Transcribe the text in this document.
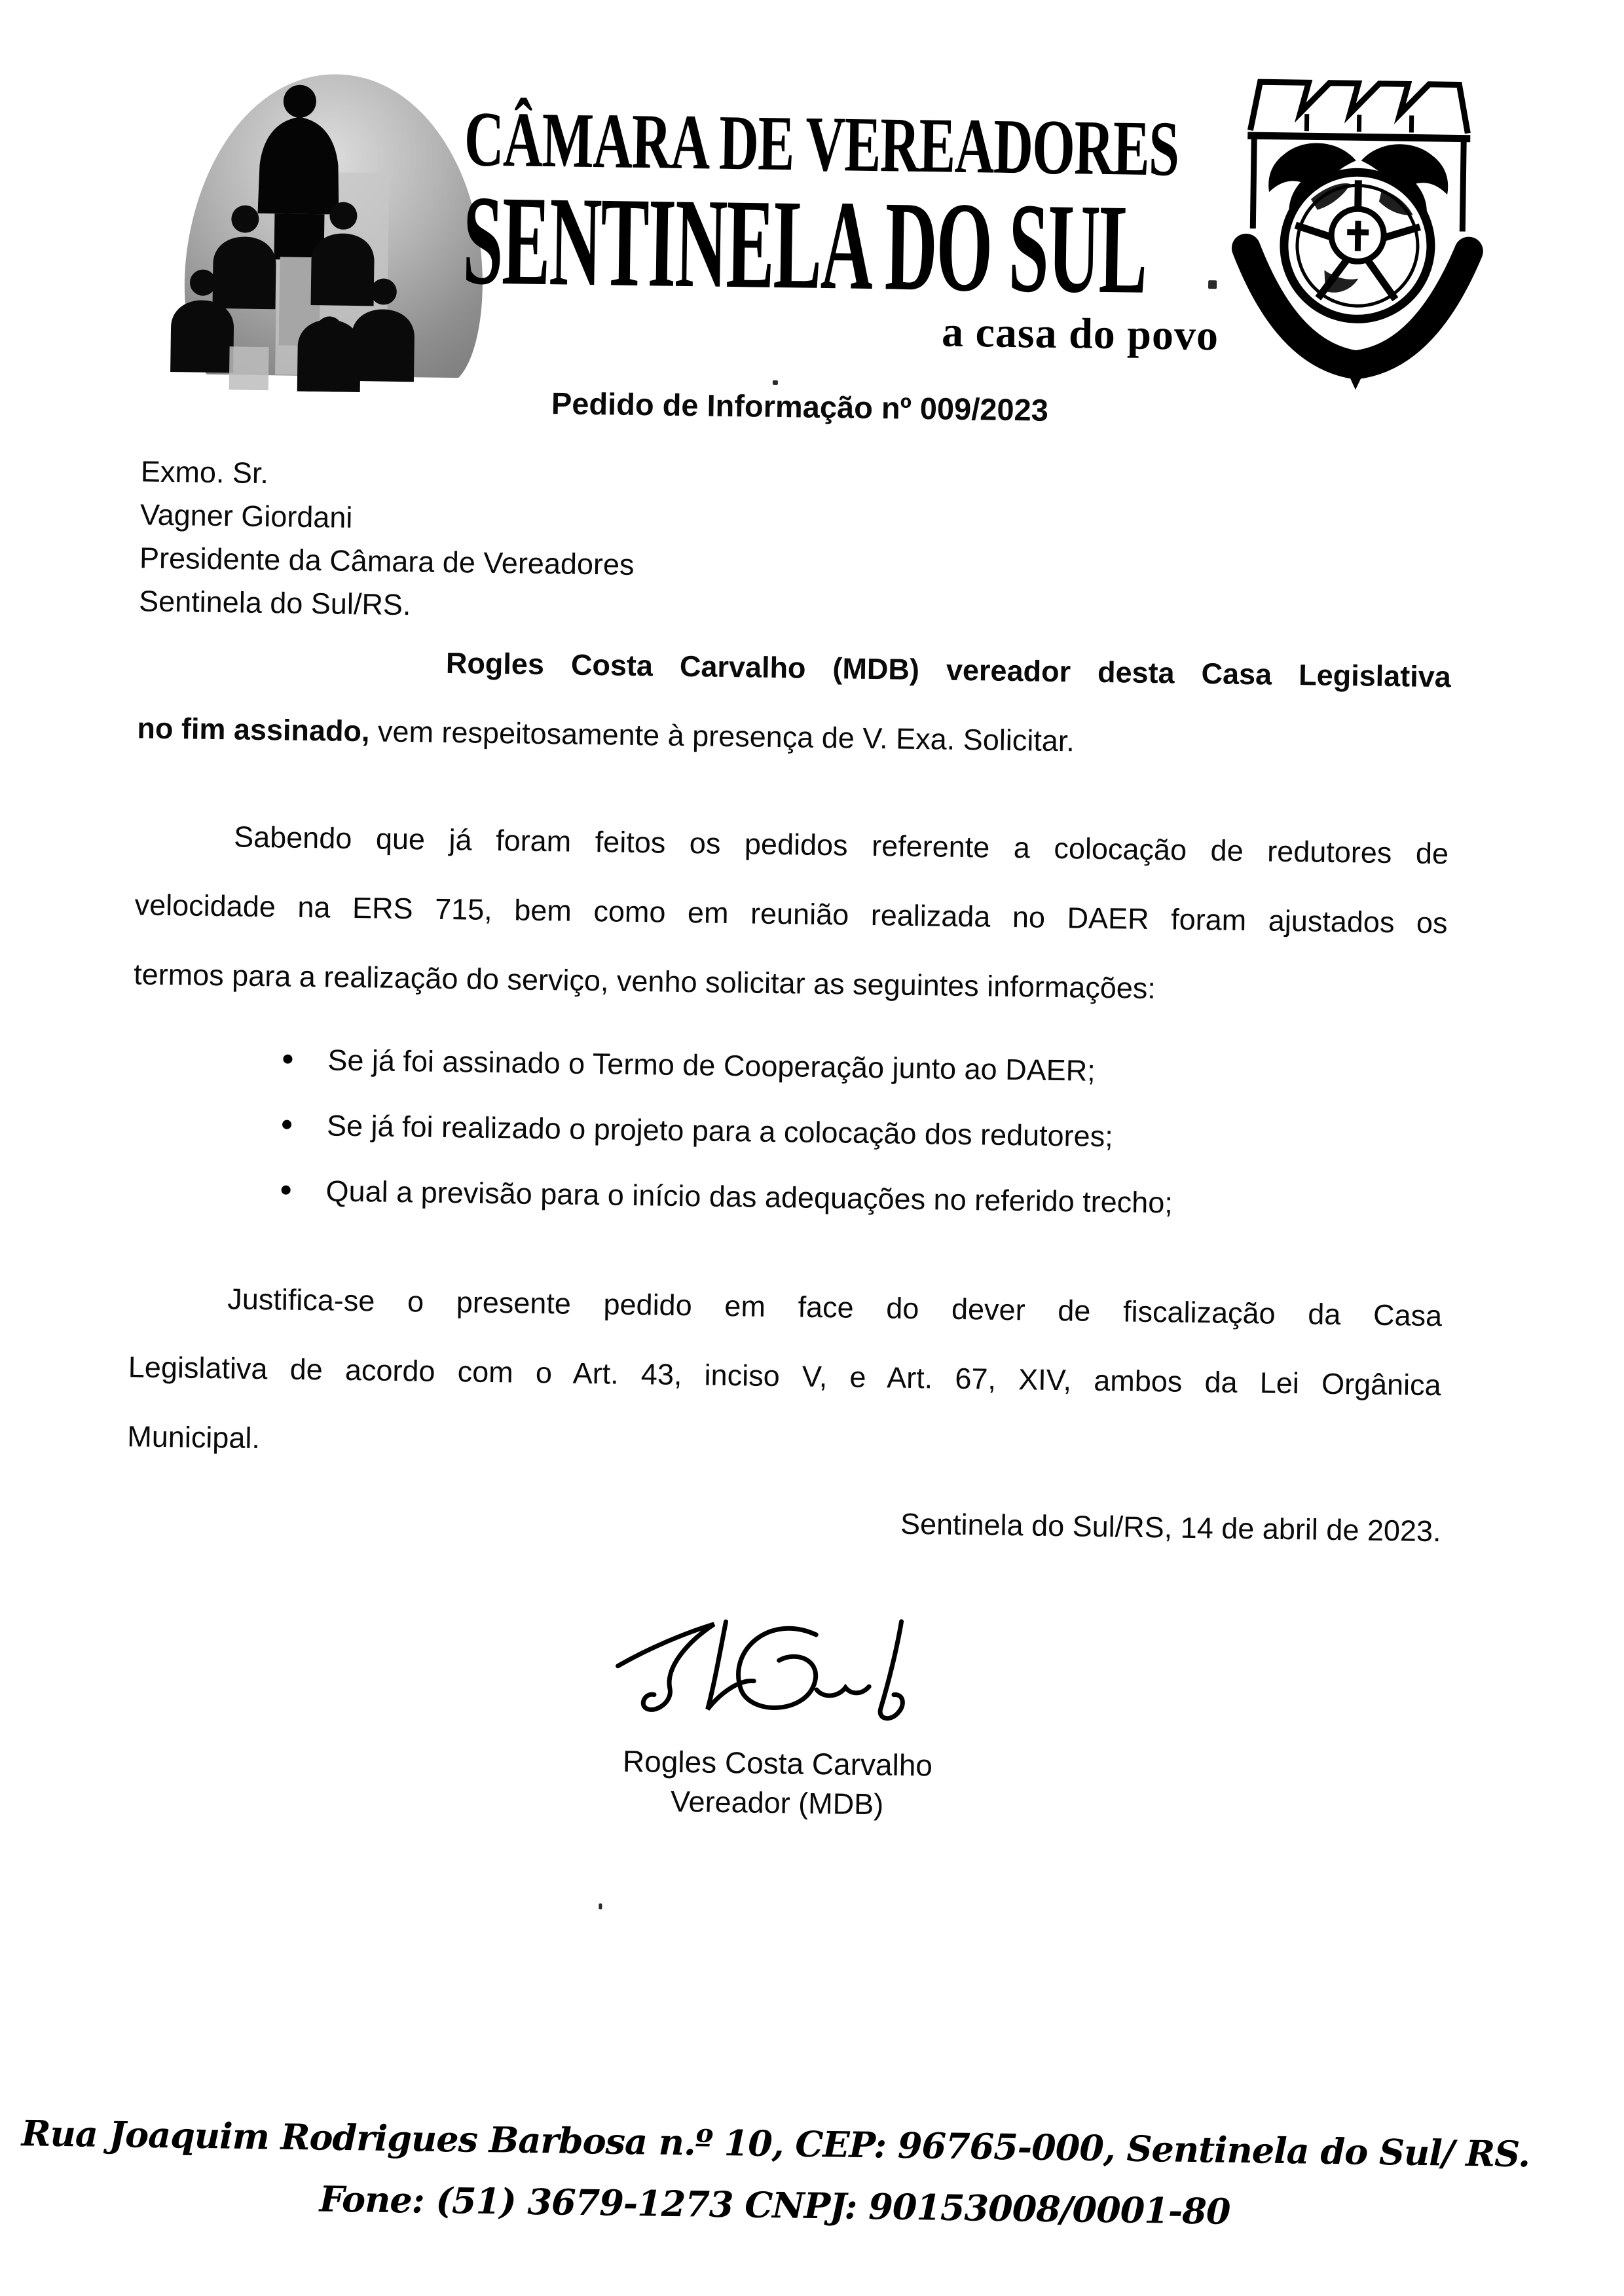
CÂMARA DE VEREADORES
SENTINELA DO SUL
a casa do povo
Pedido de Informação nº 009/2023
Exmo. Sr.
Vagner Giordani
Presidente da Câmara de Vereadores
Sentinela do Sul/RS.
Rogles Costa Carvalho (MDB) vereador desta Casa Legislativa
no fim assinado, vem respeitosamente à presença de V. Exa. Solicitar.
Sabendo que já foram feitos os pedidos referente a colocação de redutores de
velocidade na ERS 715, bem como em reunião realizada no DAER foram ajustados os
termos para a realização do serviço, venho solicitar as seguintes informações:
Se já foi assinado o Termo de Cooperação junto ao DAER;
Se já foi realizado o projeto para a colocação dos redutores;
Qual a previsão para o início das adequações no referido trecho;
Justifica-se o presente pedido em face do dever de fiscalização da Casa
Legislativa de acordo com o Art. 43, inciso V, e Art. 67, XIV, ambos da Lei Orgânica
Municipal.
Sentinela do Sul/RS, 14 de abril de 2023.
Rogles Costa Carvalho
Vereador (MDB)
Rua Joaquim Rodrigues Barbosa n.º 10, CEP: 96765-000, Sentinela do Sul/ RS.
Fone: (51) 3679-1273 CNPJ: 90153008/0001-80
